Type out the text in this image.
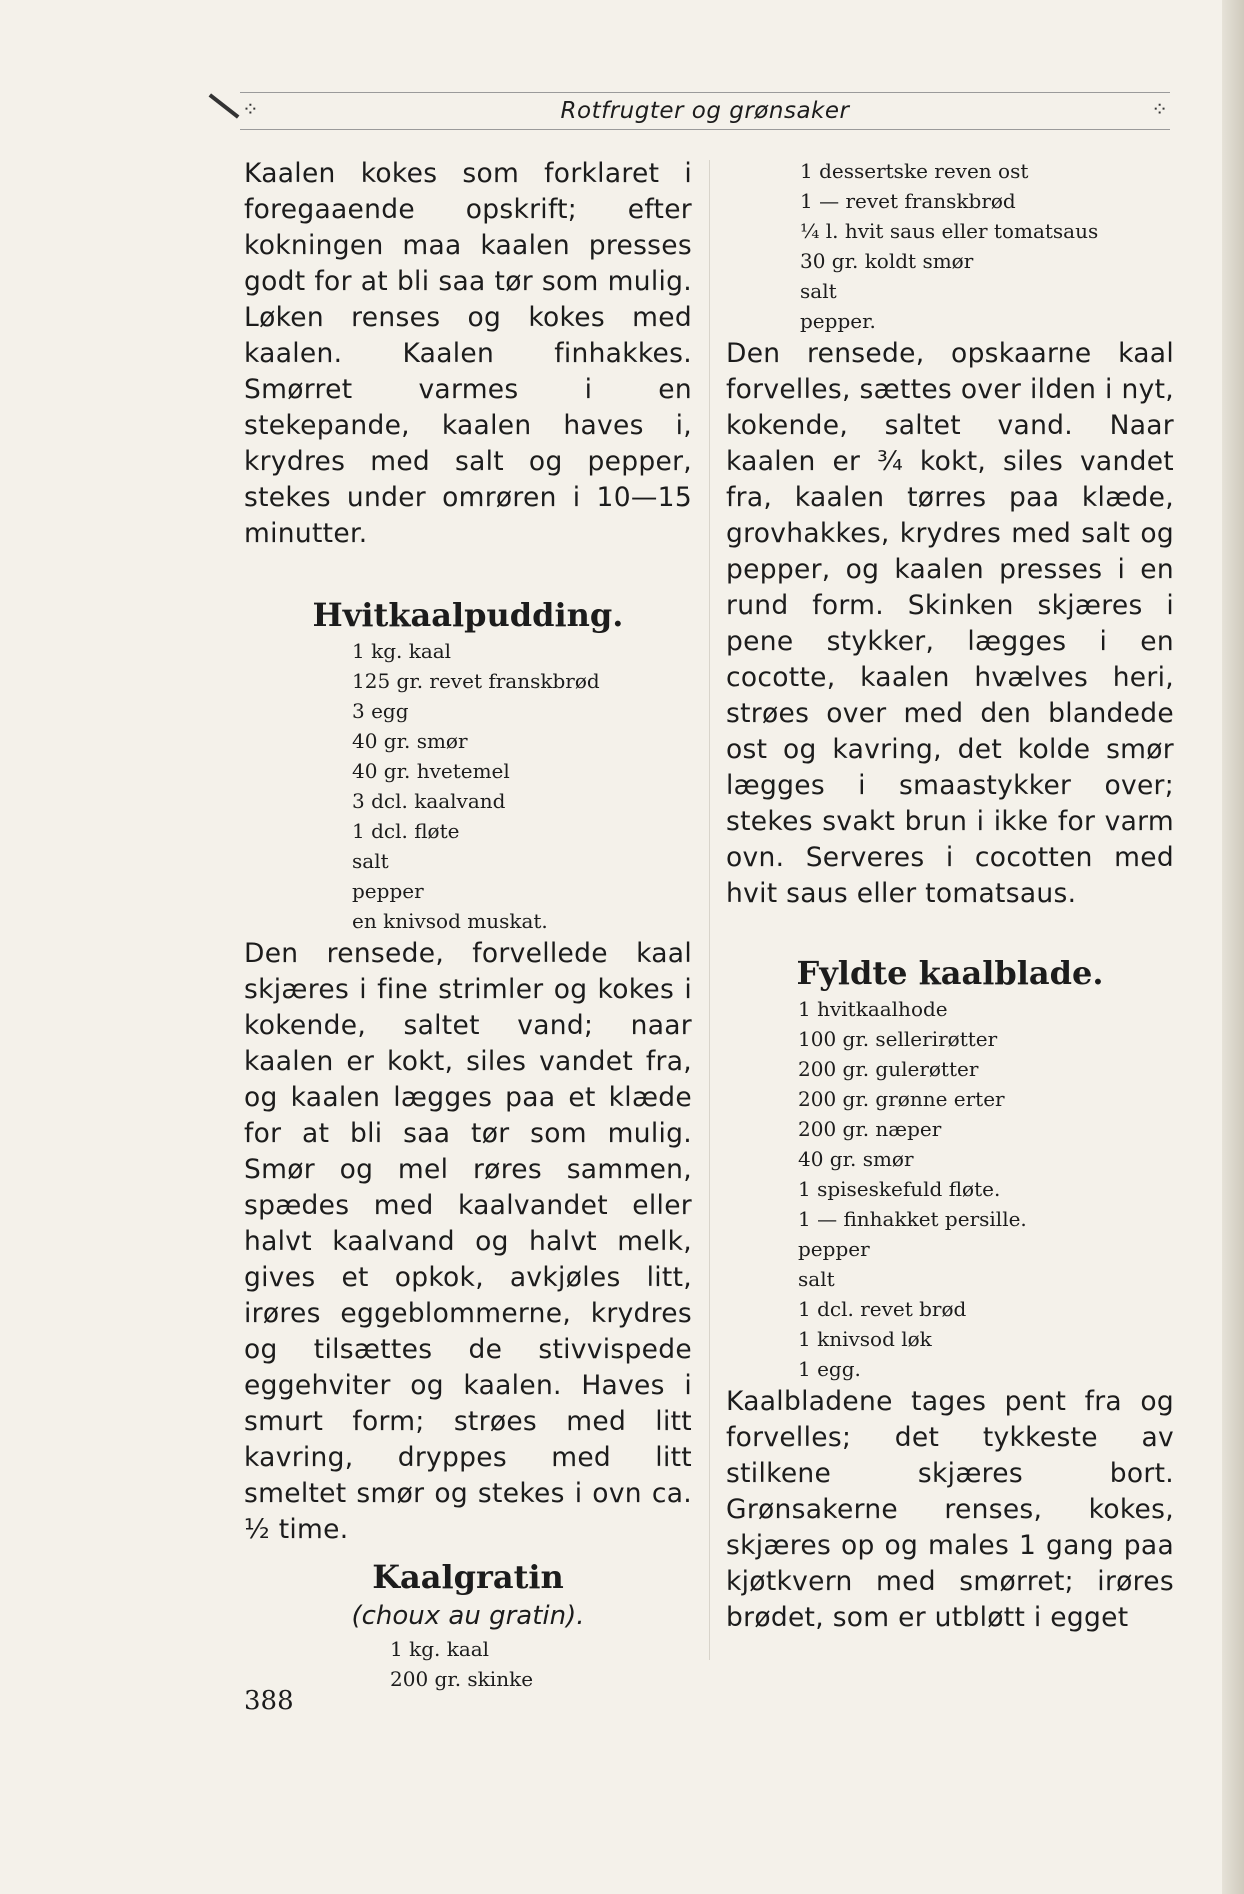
⁘	Rotfrugter og grønsaker	⁘

Kaalen kokes som forklaret i foregaaende opskrift; efter kokningen maa kaalen presses godt for at bli saa tør som mulig. Løken renses og kokes med kaalen. Kaalen finhakkes. Smørret varmes i en stekepande, kaalen haves i, krydres med salt og pepper, stekes under omrøren i 10—15 minutter.

Hvitkaalpudding.
1 kg. kaal
125 gr. revet franskbrød
3 egg
40 gr. smør
40 gr. hvetemel
3 dcl. kaalvand
1 dcl. fløte
salt
pepper
en knivsod muskat.

Den rensede, forvellede kaal skjæres i fine strimler og kokes i kokende, saltet vand; naar kaalen er kokt, siles vandet fra, og kaalen lægges paa et klæde for at bli saa tør som mulig. Smør og mel røres sammen, spædes med kaalvandet eller halvt kaalvand og halvt melk, gives et opkok, avkjøles litt, irøres eggeblommerne, krydres og tilsættes de stivvispede eggehviter og kaalen. Haves i smurt form; strøes med litt kavring, dryppes med litt smeltet smør og stekes i ovn ca. ½ time.

Kaalgratin

(choux au gratin).

1 kg. kaal
200 gr. skinke
1 dessertske reven ost
1 — revet franskbrød
¼ l. hvit saus eller tomatsaus
30 gr. koldt smør
salt
pepper.

Den rensede, opskaarne kaal forvelles, sættes over ilden i nyt, kokende, saltet vand. Naar kaalen er ¾ kokt, siles vandet fra, kaalen tørres paa klæde, grovhakkes, krydres med salt og pepper, og kaalen presses i en rund form. Skinken skjæres i pene stykker, lægges i en cocotte, kaalen hvælves heri, strøes over med den blandede ost og kavring, det kolde smør lægges i smaastykker over; stekes svakt brun i ikke for varm ovn. Serveres i cocotten med hvit saus eller tomatsaus.

Fyldte kaalblade.
1 hvitkaalhode
100 gr. sellerirøtter
200 gr. gulerøtter
200 gr. grønne erter
200 gr. næper
40 gr. smør
1 spiseskefuld fløte.
1 — finhakket persille.
pepper
salt
1 dcl. revet brød
1 knivsod løk
1 egg.

Kaalbladene tages pent fra og forvelles; det tykkeste av stilkene skjæres bort. Grønsakerne renses, kokes, skjæres op og males 1 gang paa kjøtkvern med smørret; irøres brødet, som er utbløtt i egget

388
